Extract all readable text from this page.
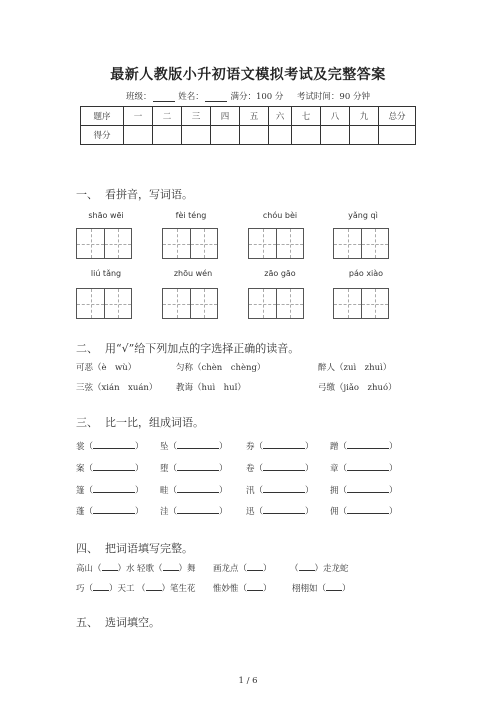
最新人教版小升初语文模拟考试及完整答案
班级：	姓名：	满分：100 分 考试时间：90 分钟
题序	一	二	三	四	五	六	七	八	九	总分
得分										
一、 看拼音，写词语。
shāo wēi	fèi téng	chóu bèi	yǎng qì
liú tǎng	zhōu wén	zāo gāo	páo xiào
二、 用“√”给下列加点的字选择正确的读音。
可恶（è　wù）	匀称（chèn　chèng）	醉人（zuì　zhuì）
三弦（xián　xuán） 教诲（huì　huǐ）	弓缴（jiǎo　zhuó）
三、 比一比，组成词语。
裳（	） 坠（	） 券（	） 蹭（	）
案（	） 堕（	） 卷（	） 章（	）
篷（	） 畦（	） 汛（	） 拥（	）
蓬（	） 洼（	） 迅（	） 佣（	）
四、 把词语填写完整。
高山（ ）水 轻歌（ ）舞 画龙点（ ） （ ）走龙蛇
巧（ ）天工 （ ）笔生花 惟妙惟（ ） 栩栩如（ ）
五、 选词填空。
1 / 6
